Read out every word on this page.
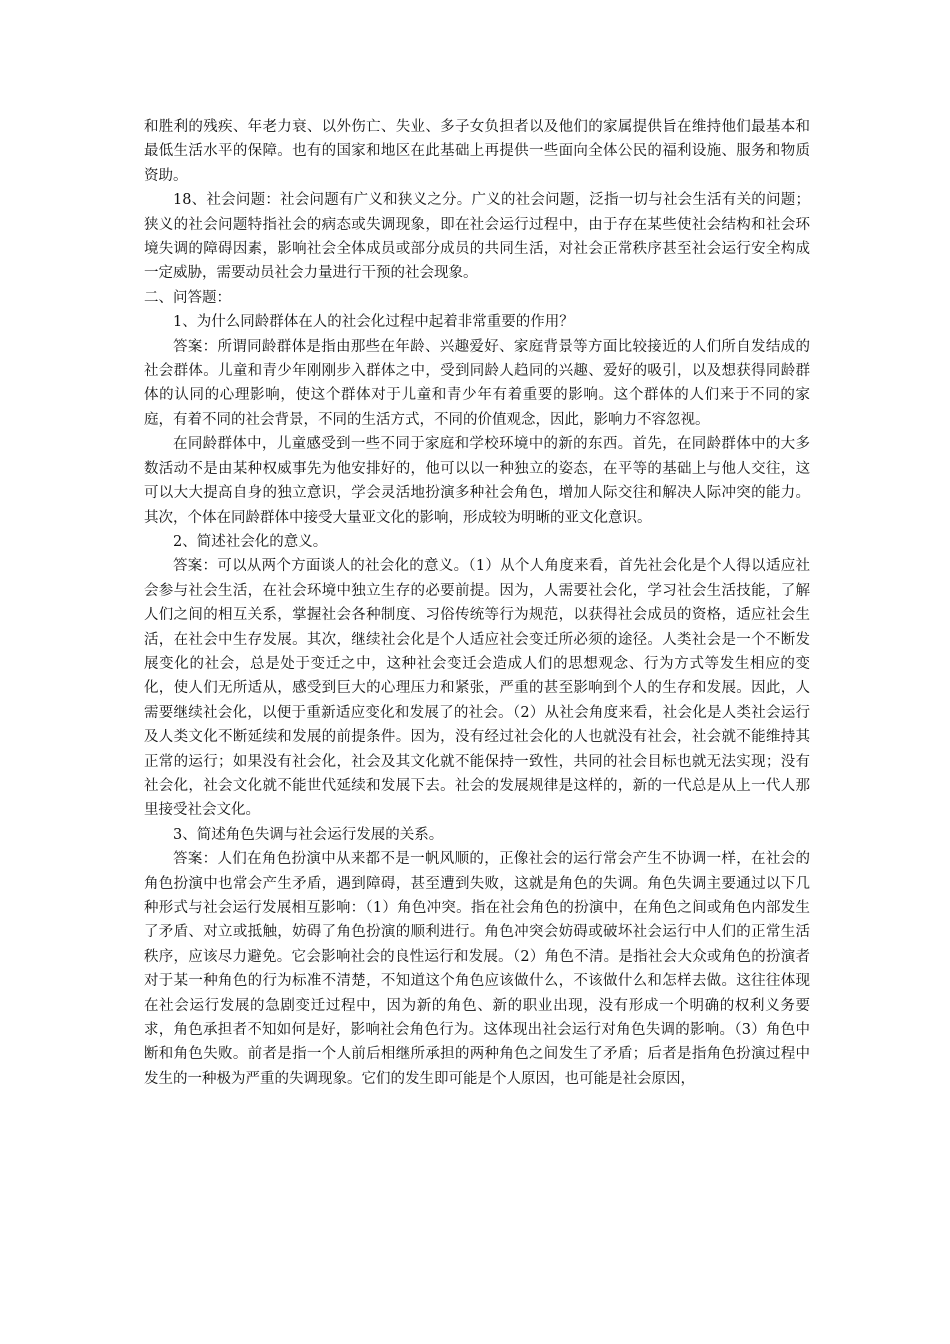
和胜利的残疾、年老力衰、以外伤亡、失业、多子女负担者以及他们的家属提供旨在维持他们最基本和最低生活水平的保障。也有的国家和地区在此基础上再提供一些面向全体公民的福利设施、服务和物质资助。

18、社会问题：社会问题有广义和狭义之分。广义的社会问题，泛指一切与社会生活有关的问题；狭义的社会问题特指社会的病态或失调现象，即在社会运行过程中，由于存在某些使社会结构和社会环境失调的障碍因素，影响社会全体成员或部分成员的共同生活，对社会正常秩序甚至社会运行安全构成一定威胁，需要动员社会力量进行干预的社会现象。

二、问答题：

1、为什么同龄群体在人的社会化过程中起着非常重要的作用？

答案：所谓同龄群体是指由那些在年龄、兴趣爱好、家庭背景等方面比较接近的人们所自发结成的社会群体。儿童和青少年刚刚步入群体之中，受到同龄人趋同的兴趣、爱好的吸引，以及想获得同龄群体的认同的心理影响，使这个群体对于儿童和青少年有着重要的影响。这个群体的人们来于不同的家庭，有着不同的社会背景，不同的生活方式，不同的价值观念，因此，影响力不容忽视。

在同龄群体中，儿童感受到一些不同于家庭和学校环境中的新的东西。首先，在同龄群体中的大多数活动不是由某种权威事先为他安排好的，他可以以一种独立的姿态，在平等的基础上与他人交往，这可以大大提高自身的独立意识，学会灵活地扮演多种社会角色，增加人际交往和解决人际冲突的能力。其次，个体在同龄群体中接受大量亚文化的影响，形成较为明晰的亚文化意识。

2、简述社会化的意义。

答案：可以从两个方面谈人的社会化的意义。（1）从个人角度来看，首先社会化是个人得以适应社会参与社会生活，在社会环境中独立生存的必要前提。因为，人需要社会化，学习社会生活技能，了解人们之间的相互关系，掌握社会各种制度、习俗传统等行为规范，以获得社会成员的资格，适应社会生活，在社会中生存发展。其次，继续社会化是个人适应社会变迁所必须的途径。人类社会是一个不断发展变化的社会，总是处于变迁之中，这种社会变迁会造成人们的思想观念、行为方式等发生相应的变化，使人们无所适从，感受到巨大的心理压力和紧张，严重的甚至影响到个人的生存和发展。因此，人需要继续社会化，以便于重新适应变化和发展了的社会。（2）从社会角度来看，社会化是人类社会运行及人类文化不断延续和发展的前提条件。因为，没有经过社会化的人也就没有社会，社会就不能维持其正常的运行；如果没有社会化，社会及其文化就不能保持一致性，共同的社会目标也就无法实现；没有社会化，社会文化就不能世代延续和发展下去。社会的发展规律是这样的，新的一代总是从上一代人那里接受社会文化。

3、简述角色失调与社会运行发展的关系。

答案：人们在角色扮演中从来都不是一帆风顺的，正像社会的运行常会产生不协调一样，在社会的角色扮演中也常会产生矛盾，遇到障碍，甚至遭到失败，这就是角色的失调。角色失调主要通过以下几种形式与社会运行发展相互影响：（1）角色冲突。指在社会角色的扮演中，在角色之间或角色内部发生了矛盾、对立或抵触，妨碍了角色扮演的顺利进行。角色冲突会妨碍或破坏社会运行中人们的正常生活秩序，应该尽力避免。它会影响社会的良性运行和发展。（2）角色不清。是指社会大众或角色的扮演者对于某一种角色的行为标准不清楚，不知道这个角色应该做什么，不该做什么和怎样去做。这往往体现在社会运行发展的急剧变迁过程中，因为新的角色、新的职业出现，没有形成一个明确的权利义务要求，角色承担者不知如何是好，影响社会角色行为。这体现出社会运行对角色失调的影响。（3）角色中断和角色失败。前者是指一个人前后相继所承担的两种角色之间发生了矛盾；后者是指角色扮演过程中发生的一种极为严重的失调现象。它们的发生即可能是个人原因，也可能是社会原因，
